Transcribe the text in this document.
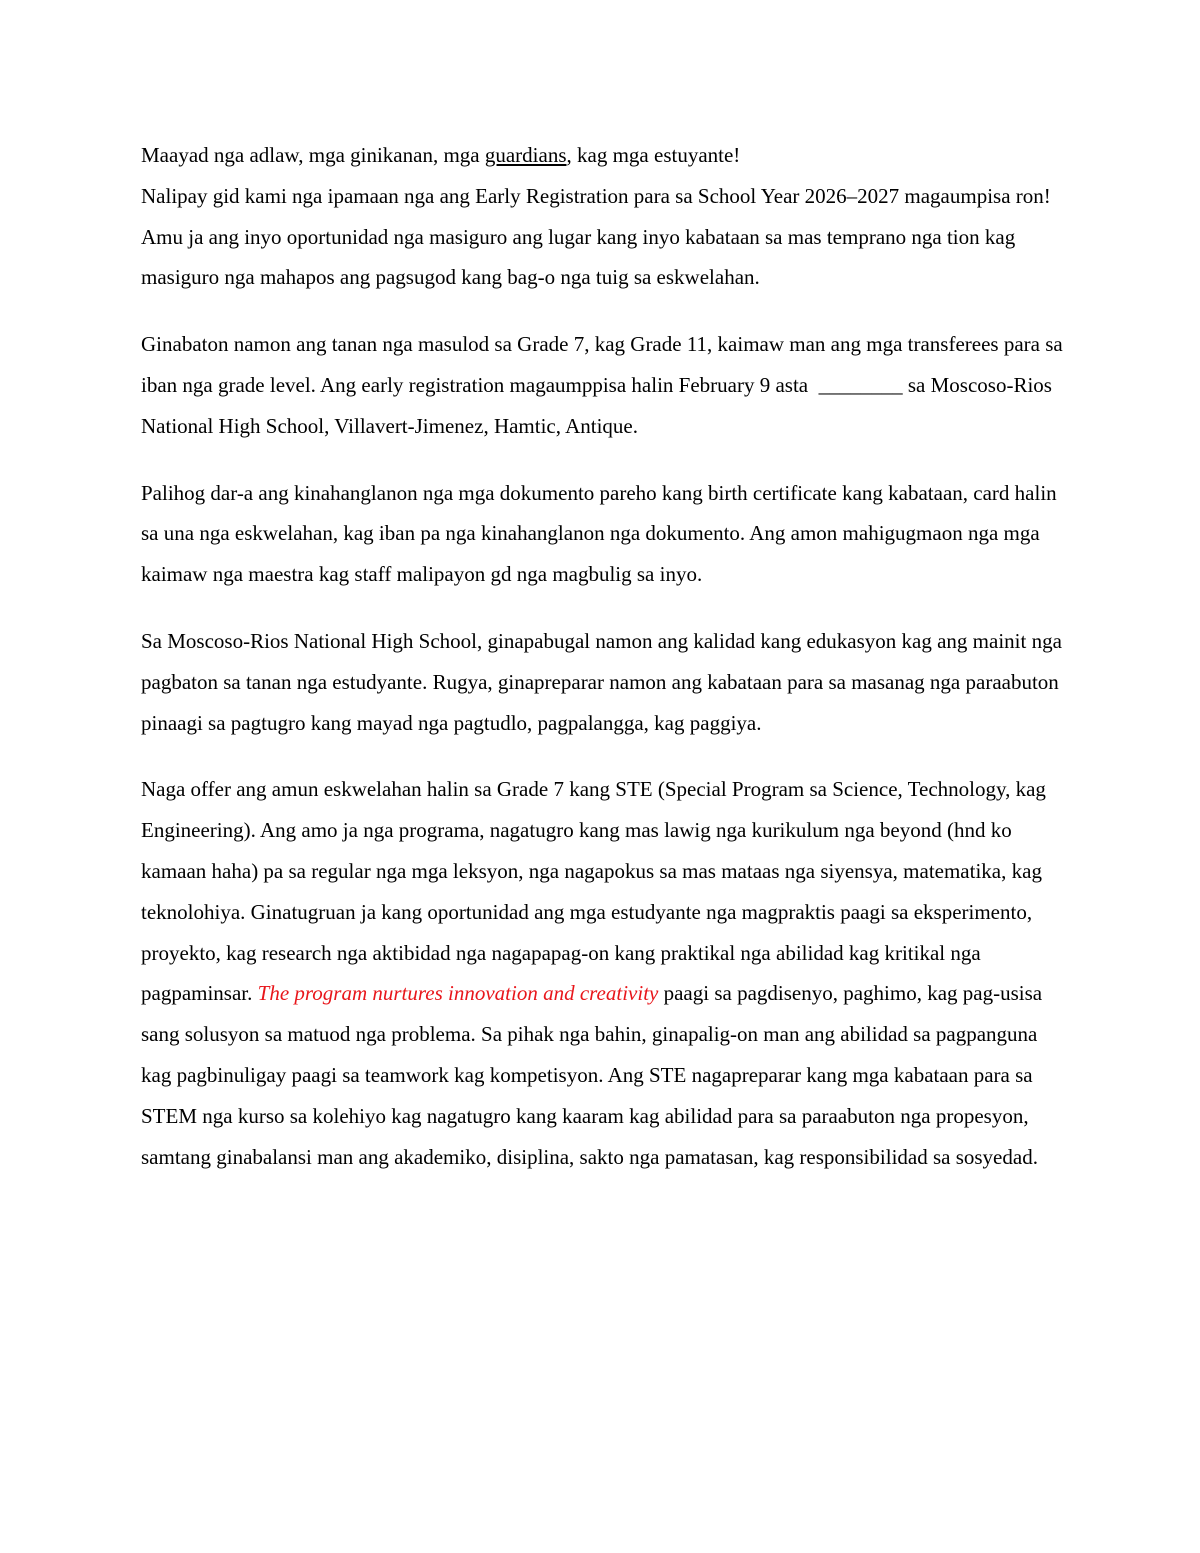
Maayad nga adlaw, mga ginikanan, mga guardians, kag mga estuyante!

Nalipay gid kami nga ipamaan nga ang Early Registration para sa School Year 2026–2027 magaumpisa ron! Amu ja ang inyo oportunidad nga masiguro ang lugar kang inyo kabataan sa mas temprano nga tion kag masiguro nga mahapos ang pagsugod kang bag-o nga tuig sa eskwelahan.

Ginabaton namon ang tanan nga masulod sa Grade 7, kag Grade 11, kaimaw man ang mga transferees para sa iban nga grade level. Ang early registration magaumppisa halin February 9 asta  ________ sa Moscoso-Rios National High School, Villavert-Jimenez, Hamtic, Antique.

Palihog dar-a ang kinahanglanon nga mga dokumento pareho kang birth certificate kang kabataan, card halin sa una nga eskwelahan, kag iban pa nga kinahanglanon nga dokumento. Ang amon mahigugmaon nga mga kaimaw nga maestra kag staff malipayon gd nga magbulig sa inyo.

Sa Moscoso-Rios National High School, ginapabugal namon ang kalidad kang edukasyon kag ang mainit nga pagbaton sa tanan nga estudyante. Rugya, ginapreparar namon ang kabataan para sa masanag nga paraabuton pinaagi sa pagtugro kang mayad nga pagtudlo, pagpalangga, kag paggiya.

Naga offer ang amun eskwelahan halin sa Grade 7 kang STE (Special Program sa Science, Technology, kag Engineering). Ang amo ja nga programa, nagatugro kang mas lawig nga kurikulum nga beyond (hnd ko kamaan haha) pa sa regular nga mga leksyon, nga nagapokus sa mas mataas nga siyensya, matematika, kag teknolohiya. Ginatugruan ja kang oportunidad ang mga estudyante nga magpraktis paagi sa eksperimento, proyekto, kag research nga aktibidad nga nagapapag-on kang praktikal nga abilidad kag kritikal nga pagpaminsar. The program nurtures innovation and creativity paagi sa pagdisenyo, paghimo, kag pag-usisa sang solusyon sa matuod nga problema. Sa pihak nga bahin, ginapalig-on man ang abilidad sa pagpanguna kag pagbinuligay paagi sa teamwork kag kompetisyon. Ang STE nagapreparar kang mga kabataan para sa STEM nga kurso sa kolehiyo kag nagatugro kang kaaram kag abilidad para sa paraabuton nga propesyon, samtang ginabalansi man ang akademiko, disiplina, sakto nga pamatasan, kag responsibilidad sa sosyedad.
